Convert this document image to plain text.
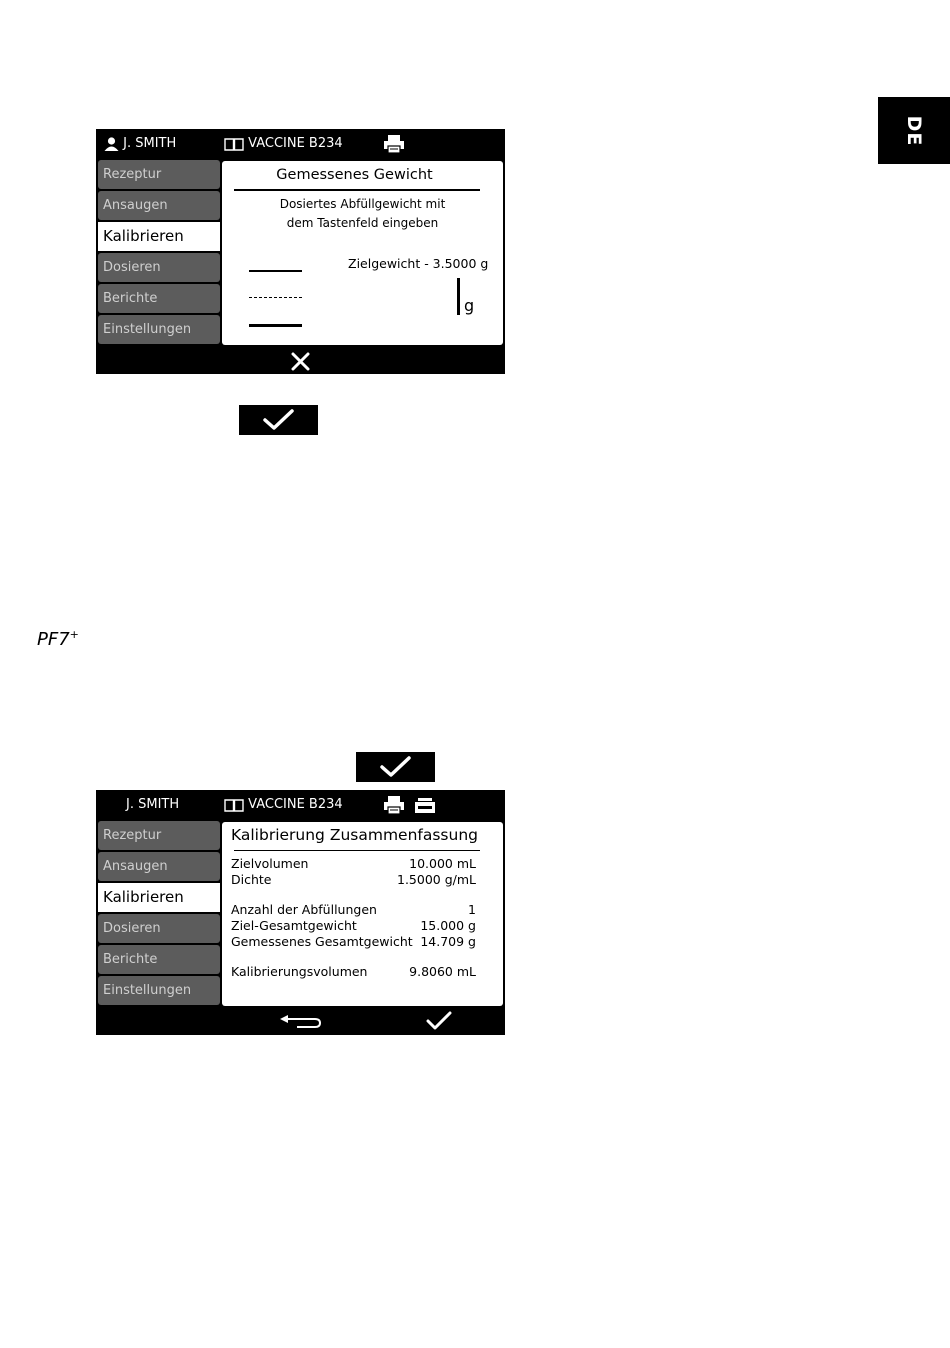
DE
J. SMITH	VACCINE B234
Rezeptur
Ansaugen
Kalibrieren
Dosieren
Berichte
Einstellungen
Gemessenes Gewicht
Dosiertes Abfüllgewicht mit
dem Tastenfeld eingeben
Zielgewicht - 3.5000 g
g
PF7+
J. SMITH	VACCINE B234
Rezeptur
Ansaugen
Kalibrieren
Dosieren
Berichte
Einstellungen
Kalibrierung Zusammenfassung
Zielvolumen	10.000 mL
Dichte	1.5000 g/mL
Anzahl der Abfüllungen	1
Ziel-Gesamtgewicht	15.000 g
Gemessenes Gesamtgewicht 14.709 g
Kalibrierungsvolumen	9.8060 mL
